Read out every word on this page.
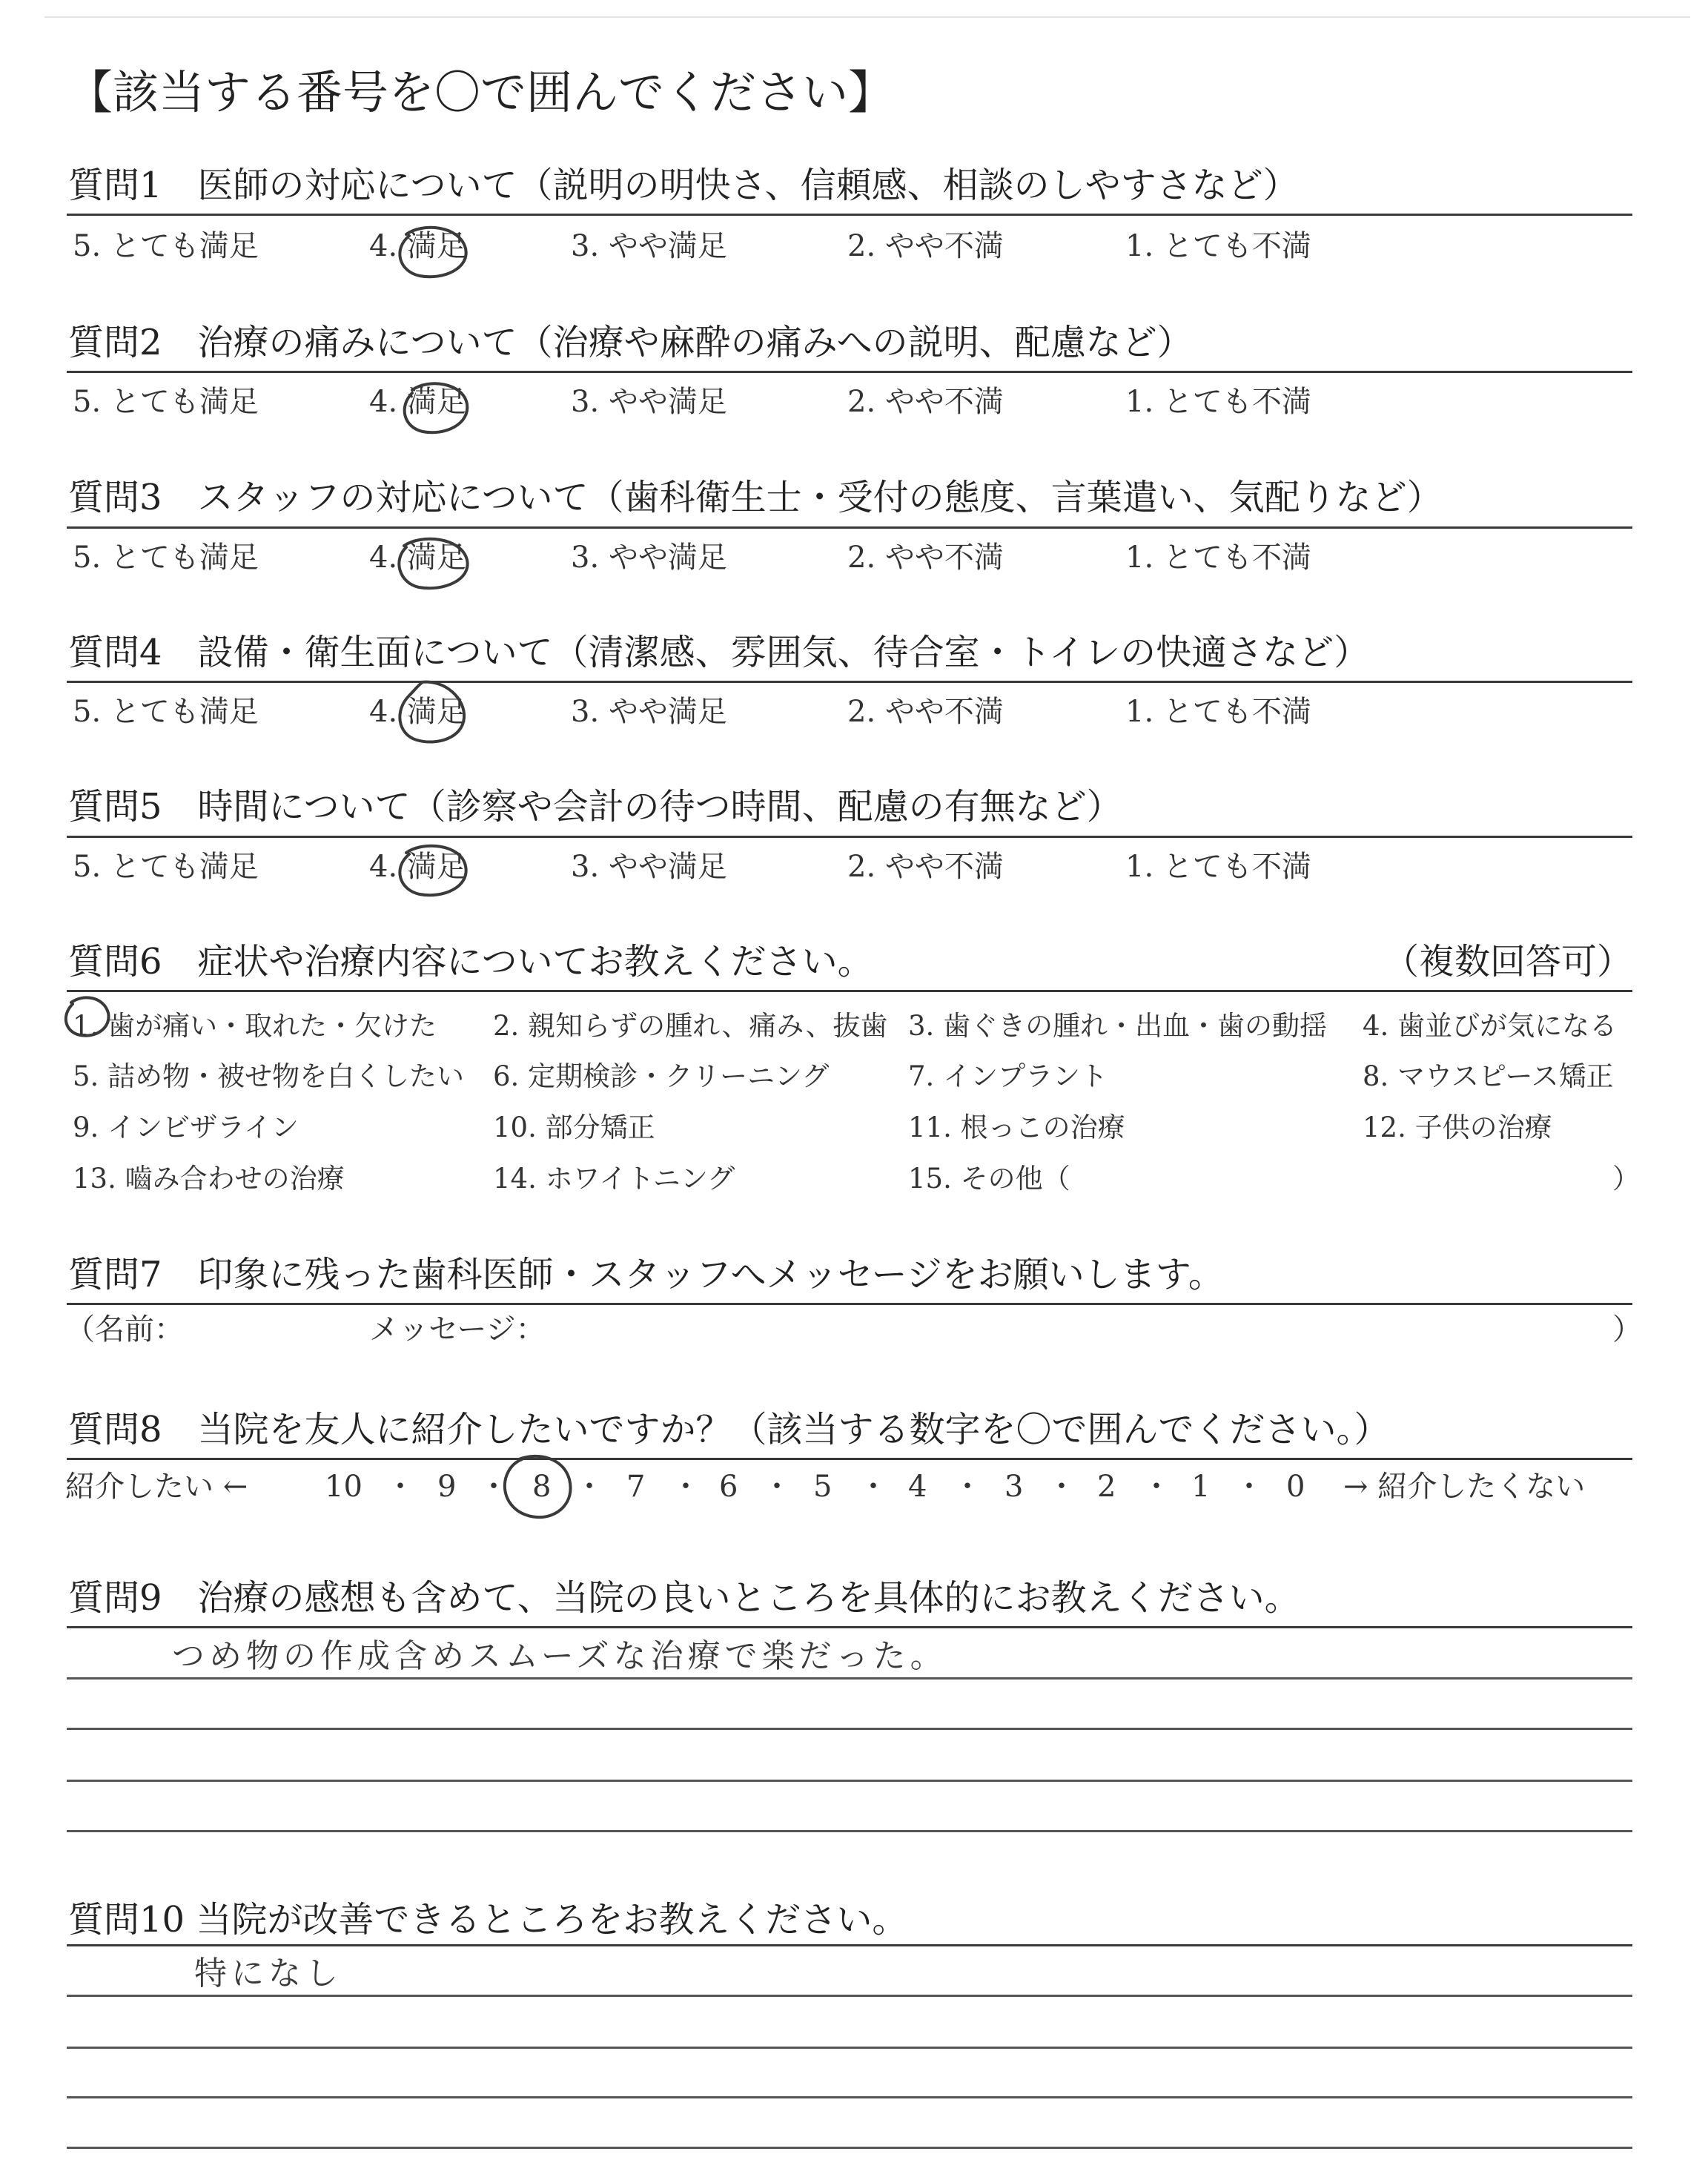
【該当する番号を〇で囲んでください】
質問1　医師の対応について（説明の明快さ、信頼感、相談のしやすさなど）
5. とても満足	4. 満足	3. やや満足	2. やや不満	1. とても不満
質問2　治療の痛みについて（治療や麻酔の痛みへの説明、配慮など）
5. とても満足	4. 満足	3. やや満足	2. やや不満	1. とても不満
質問3　スタッフの対応について（歯科衛生士・受付の態度、言葉遣い、気配りなど）
5. とても満足	4. 満足	3. やや満足	2. やや不満	1. とても不満
質問4　設備・衛生面について（清潔感、雰囲気、待合室・トイレの快適さなど）
5. とても満足	4. 満足	3. やや満足	2. やや不満	1. とても不満
質問5　時間について（診察や会計の待つ時間、配慮の有無など）
5. とても満足	4. 満足	3. やや満足	2. やや不満	1. とても不満
質問6　症状や治療内容についてお教えください。	（複数回答可）
1. 歯が痛い・取れた・欠けた 2. 親知らずの腫れ、痛み、抜歯 3. 歯ぐきの腫れ・出血・歯の動揺 4. 歯並びが気になる
5. 詰め物・被せ物を白くしたい 6. 定期検診・クリーニング	7. インプラント	8. マウスピース矯正
9. インビザライン	10. 部分矯正	11. 根っこの治療	12. 子供の治療
13. 嚙み合わせの治療	14. ホワイトニング	15. その他（	）
質問7　印象に残った歯科医師・スタッフへメッセージをお願いします。
（名前：	メッセージ：	）
質問8　当院を友人に紹介したいですか？（該当する数字を〇で囲んでください。）
紹介したい ←	10 ・ 9 ・ 8 ・ 7 ・ 6 ・ 5 ・ 4 ・ 3 ・ 2 ・ 1 ・ 0 → 紹介したくない
質問9　治療の感想も含めて、当院の良いところを具体的にお教えください。
つめ物の作成含めスムーズな治療で楽だった。
質問10 当院が改善できるところをお教えください。
特になし
